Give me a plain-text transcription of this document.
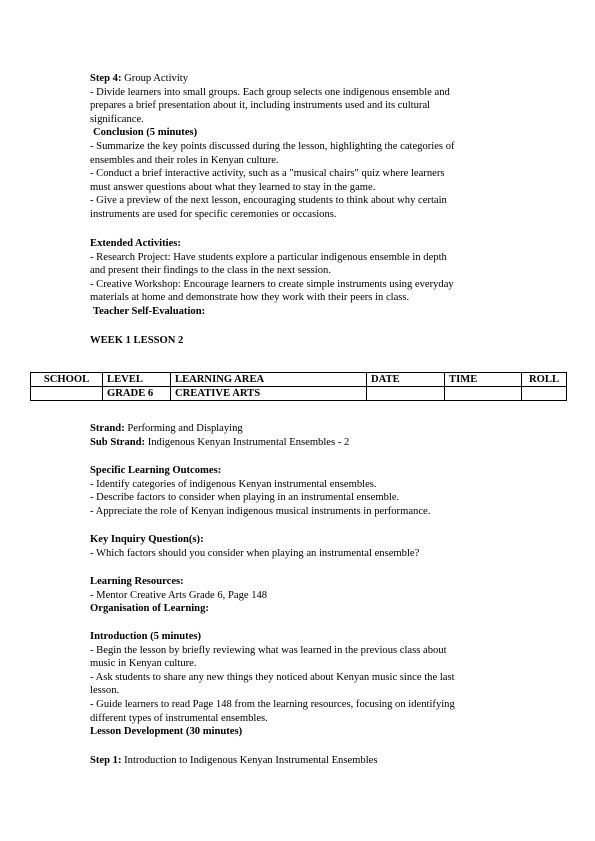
Step 4: Group Activity
- Divide learners into small groups. Each group selects one indigenous ensemble and
prepares a brief presentation about it, including instruments used and its cultural
significance.
Conclusion (5 minutes)
- Summarize the key points discussed during the lesson, highlighting the categories of
ensembles and their roles in Kenyan culture.
- Conduct a brief interactive activity, such as a "musical chairs" quiz where learners
must answer questions about what they learned to stay in the game.
- Give a preview of the next lesson, encouraging students to think about why certain
instruments are used for specific ceremonies or occasions.
Extended Activities:
- Research Project: Have students explore a particular indigenous ensemble in depth
and present their findings to the class in the next session.
- Creative Workshop: Encourage learners to create simple instruments using everyday
materials at home and demonstrate how they work with their peers in class.
Teacher Self-Evaluation:
WEEK 1 LESSON 2
SCHOOL	LEVEL	LEARNING AREA	DATE	TIME	ROLL
	GRADE 6	CREATIVE ARTS			
Strand: Performing and Displaying
Sub Strand: Indigenous Kenyan Instrumental Ensembles - 2
Specific Learning Outcomes:
- Identify categories of indigenous Kenyan instrumental ensembles.
- Describe factors to consider when playing in an instrumental ensemble.
- Appreciate the role of Kenyan indigenous musical instruments in performance.
Key Inquiry Question(s):
- Which factors should you consider when playing an instrumental ensemble?
Learning Resources:
- Mentor Creative Arts Grade 6, Page 148
Organisation of Learning:
Introduction (5 minutes)
- Begin the lesson by briefly reviewing what was learned in the previous class about
music in Kenyan culture.
- Ask students to share any new things they noticed about Kenyan music since the last
lesson.
- Guide learners to read Page 148 from the learning resources, focusing on identifying
different types of instrumental ensembles.
Lesson Development (30 minutes)
Step 1: Introduction to Indigenous Kenyan Instrumental Ensembles
